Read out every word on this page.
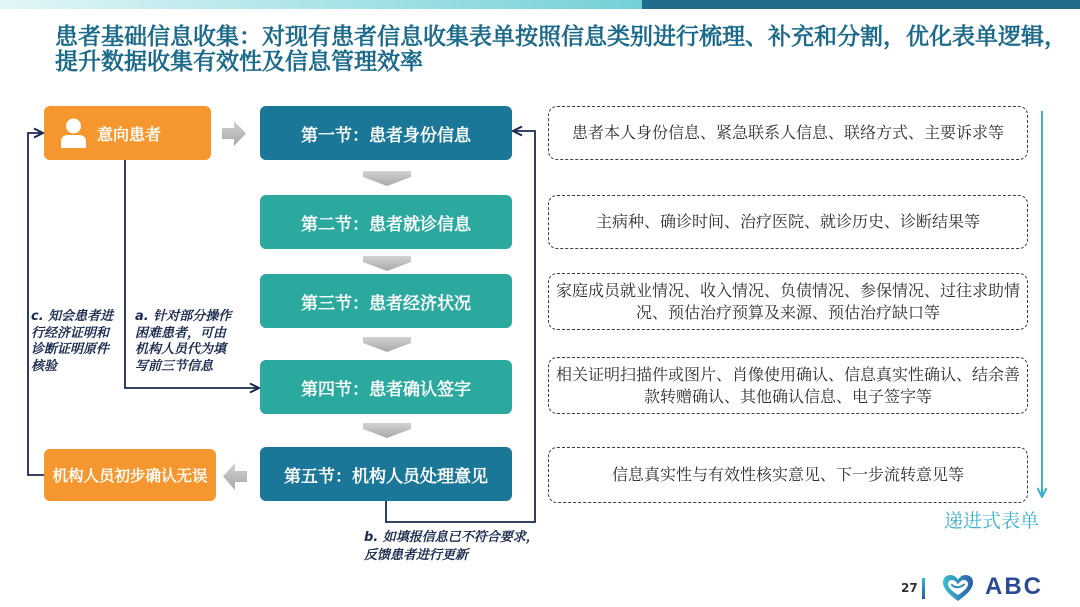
患者基础信息收集：对现有患者信息收集表单按照信息类别进行梳理、补充和分割，优化表单逻辑，
提升数据收集有效性及信息管理效率
意向患者
机构人员初步确认无误
第一节：患者身份信息
第二节：患者就诊信息
第三节：患者经济状况
第四节：患者确认签字
第五节：机构人员处理意见
患者本人身份信息、紧急联系人信息、联络方式、主要诉求等
主病种、确诊时间、治疗医院、就诊历史、诊断结果等
家庭成员就业情况、收入情况、负债情况、参保情况、过往求助情
况、预估治疗预算及来源、预估治疗缺口等
相关证明扫描件或图片、肖像使用确认、信息真实性确认、结余善
款转赠确认、其他确认信息、电子签字等
信息真实性与有效性核实意见、下一步流转意见等
c. 知会患者进
行经济证明和
诊断证明原件
核验
a. 针对部分操作
困难患者，可由
机构人员代为填
写前三节信息
b. 如填报信息已不符合要求，
反馈患者进行更新
递进式表单
27	ABC
